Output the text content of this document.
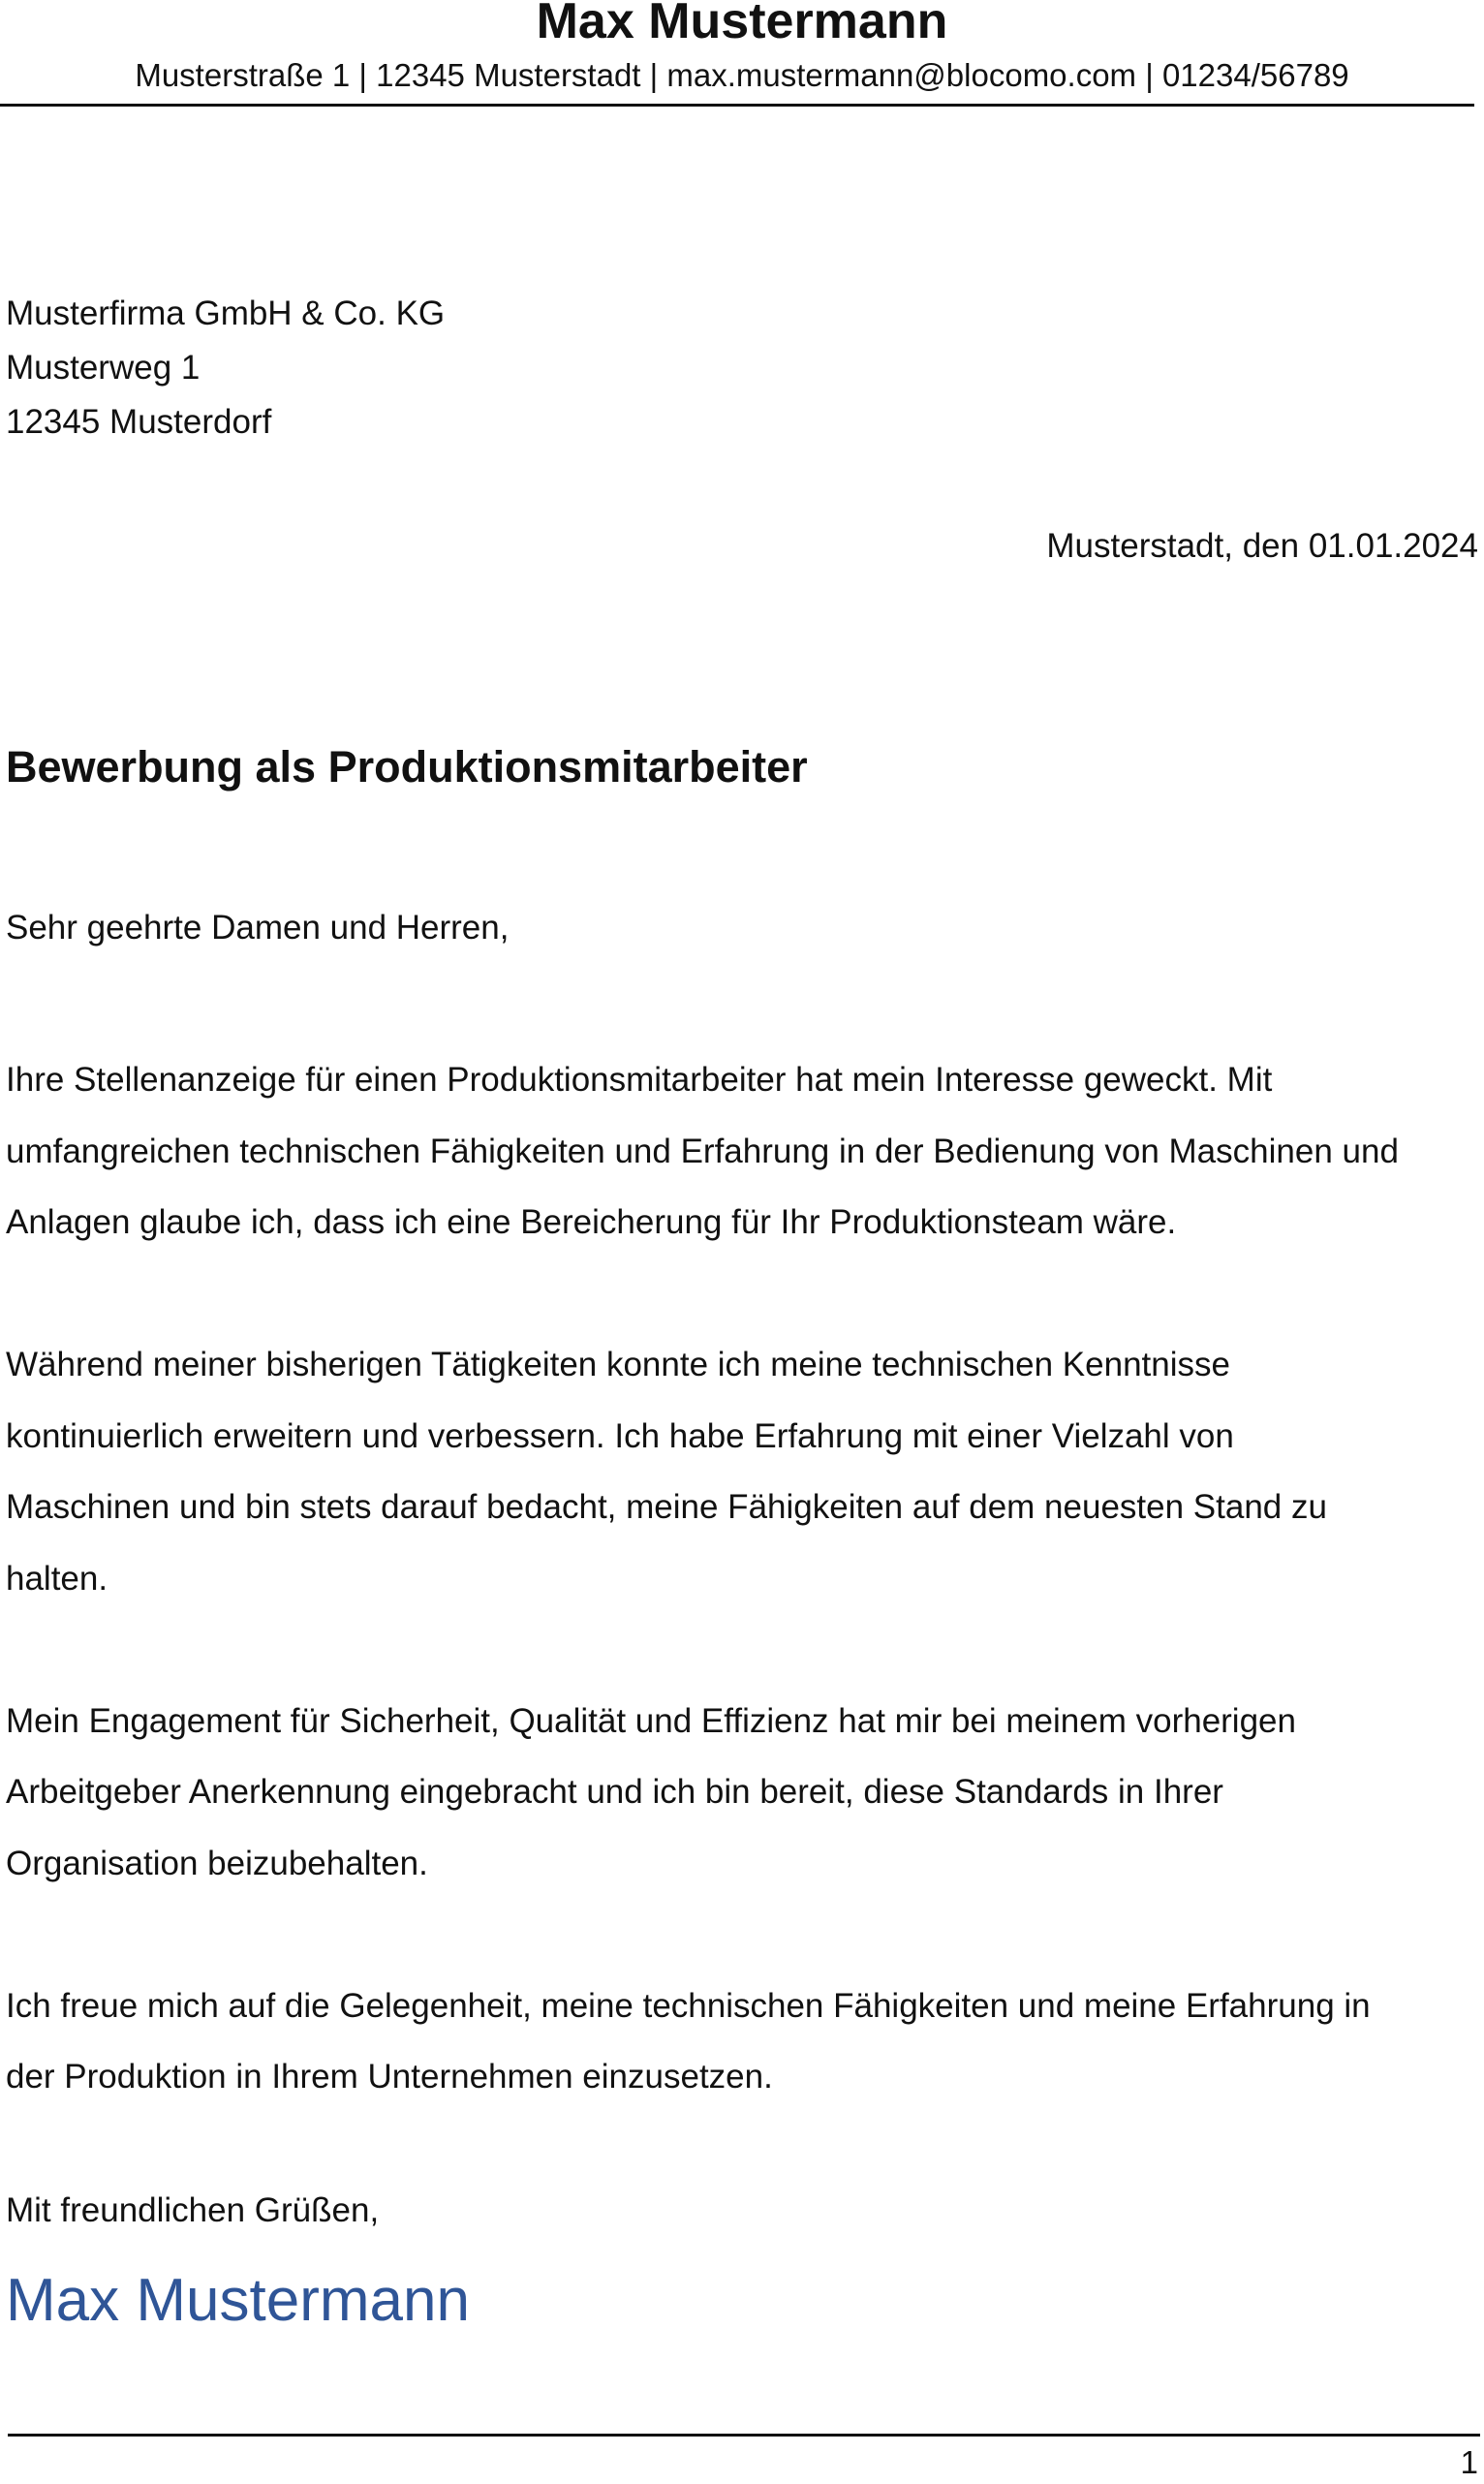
Max Mustermann
Musterstraße 1 | 12345 Musterstadt | max.mustermann@blocomo.com | 01234/56789
Musterfirma GmbH & Co. KG
Musterweg 1
12345 Musterdorf
Musterstadt, den 01.01.2024
Bewerbung als Produktionsmitarbeiter
Sehr geehrte Damen und Herren,

Ihre Stellenanzeige für einen Produktionsmitarbeiter hat mein Interesse geweckt. Mit
umfangreichen technischen Fähigkeiten und Erfahrung in der Bedienung von Maschinen und
Anlagen glaube ich, dass ich eine Bereicherung für Ihr Produktionsteam wäre.

Während meiner bisherigen Tätigkeiten konnte ich meine technischen Kenntnisse
kontinuierlich erweitern und verbessern. Ich habe Erfahrung mit einer Vielzahl von
Maschinen und bin stets darauf bedacht, meine Fähigkeiten auf dem neuesten Stand zu
halten.

Mein Engagement für Sicherheit, Qualität und Effizienz hat mir bei meinem vorherigen
Arbeitgeber Anerkennung eingebracht und ich bin bereit, diese Standards in Ihrer
Organisation beizubehalten.

Ich freue mich auf die Gelegenheit, meine technischen Fähigkeiten und meine Erfahrung in
der Produktion in Ihrem Unternehmen einzusetzen.

Mit freundlichen Grüßen,
Max Mustermann
1
